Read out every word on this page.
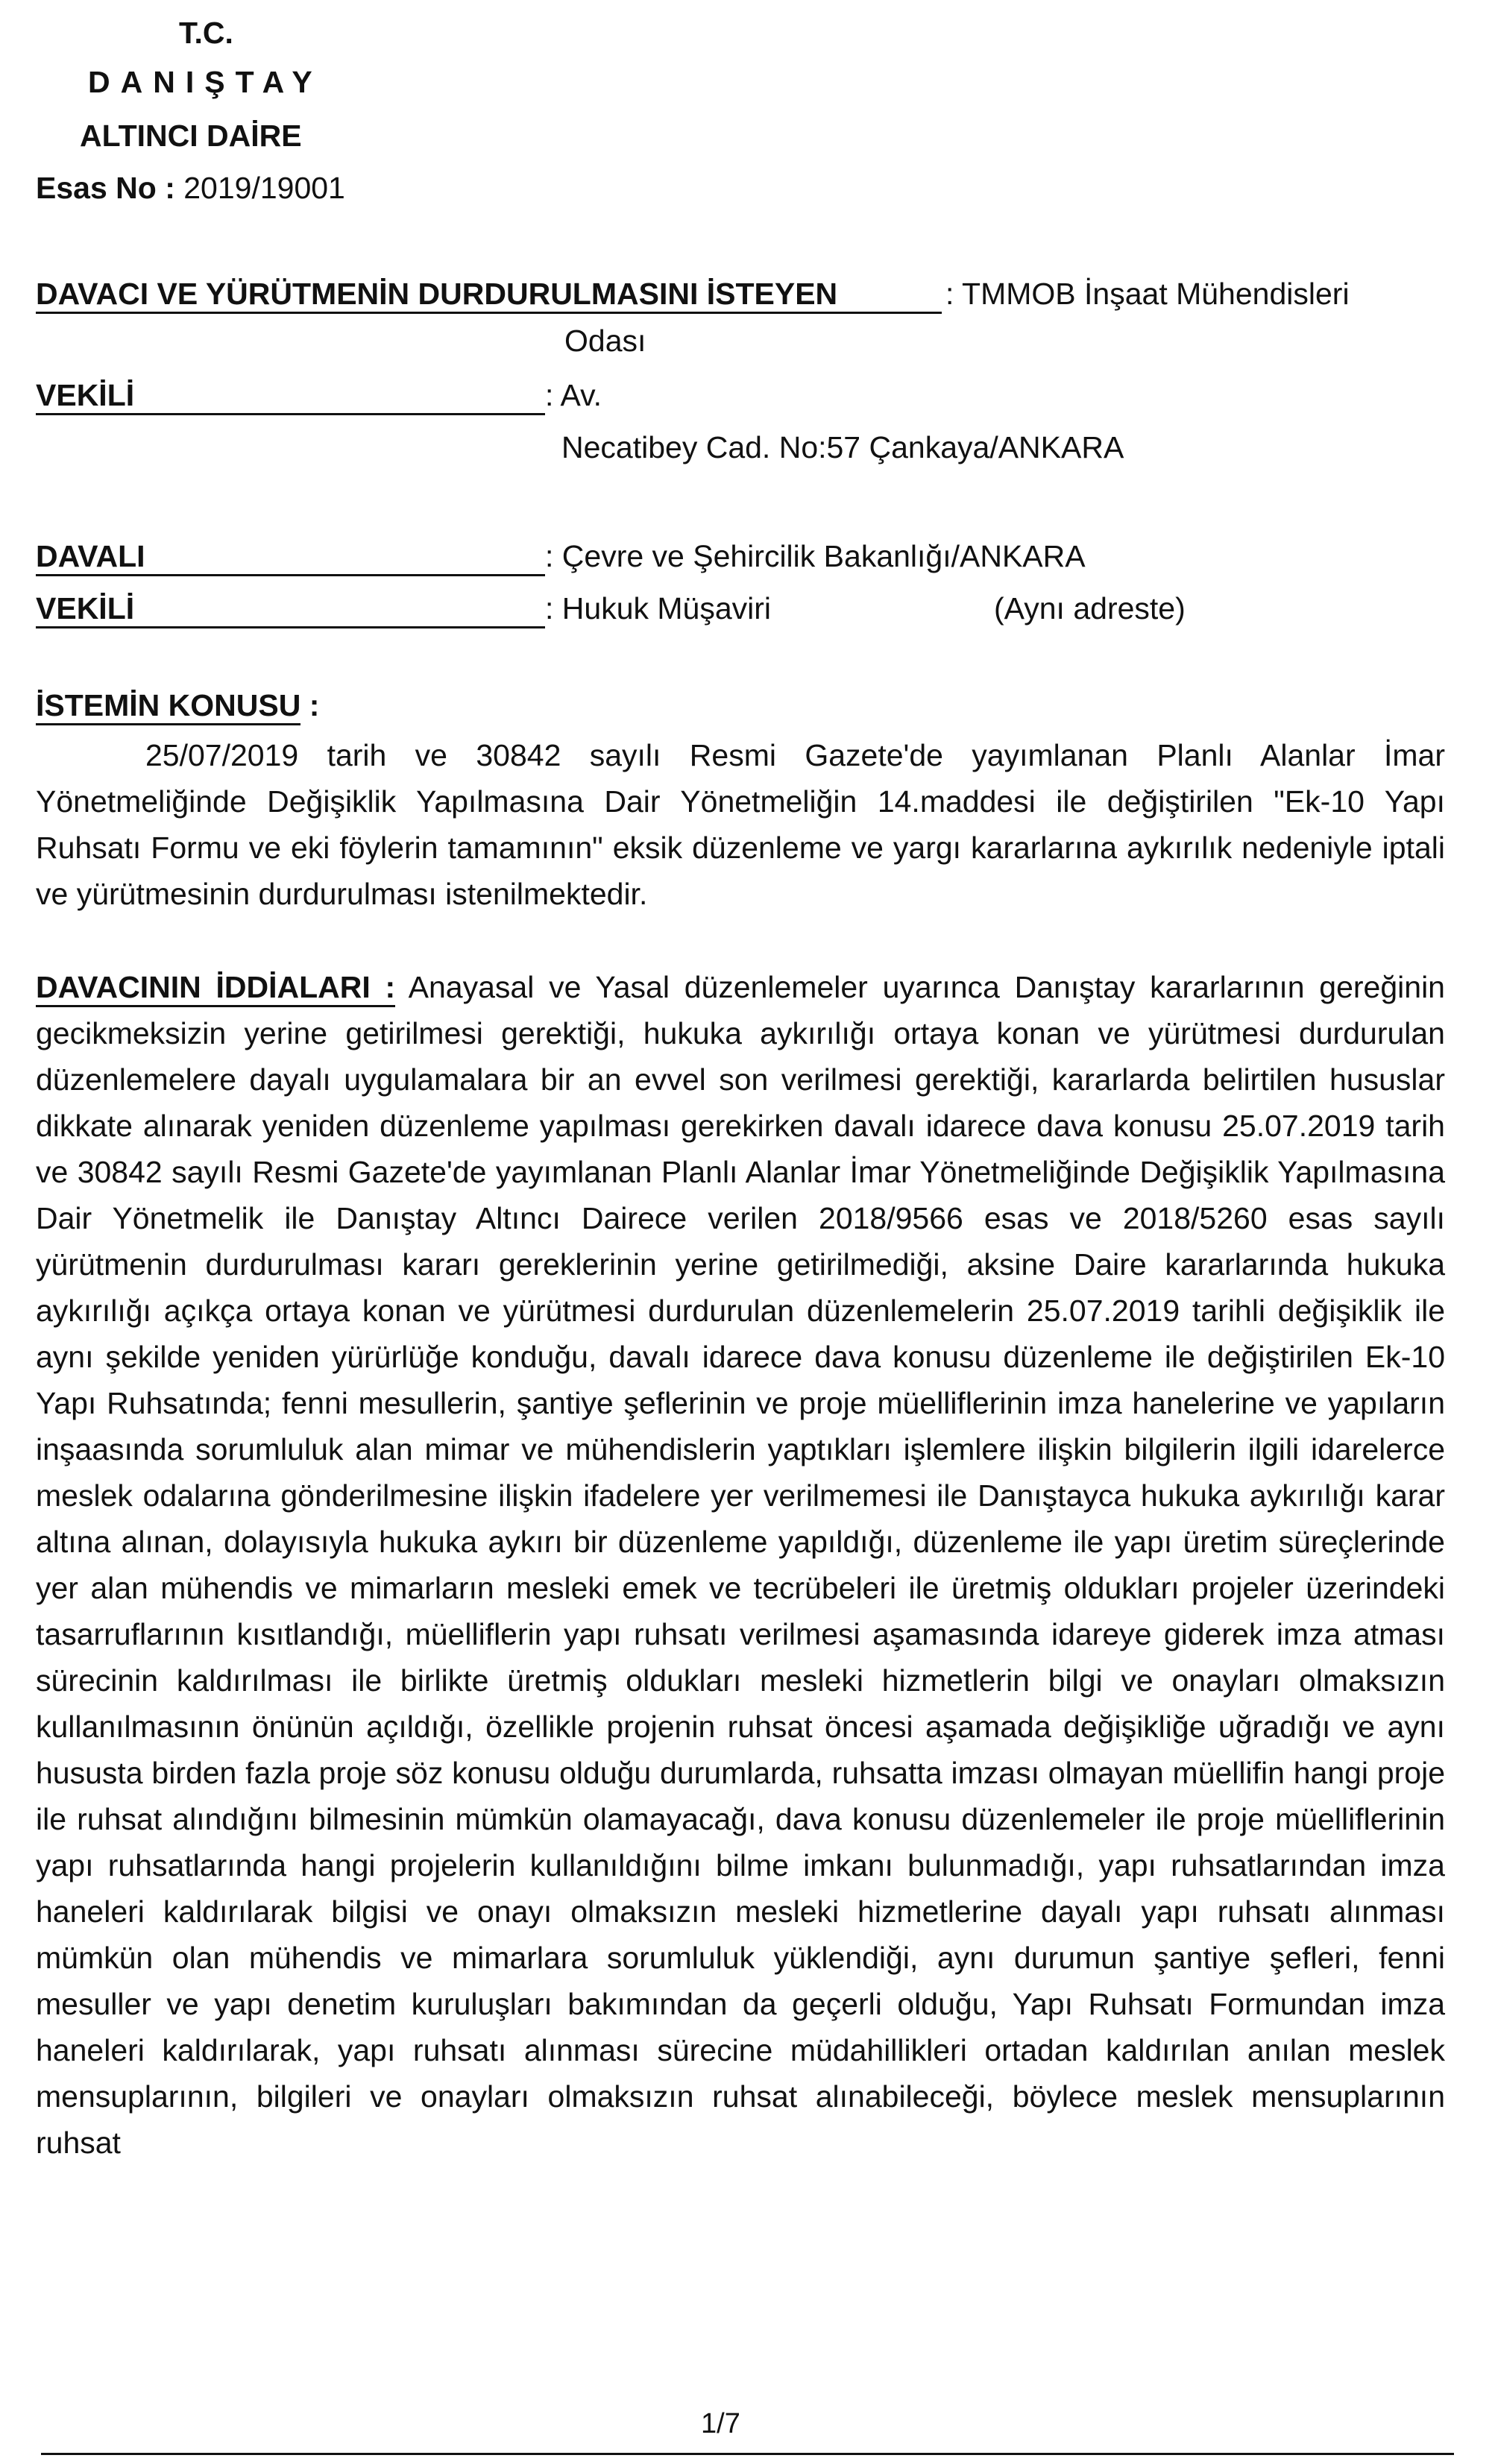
T.C.
DANIŞTAY
ALTINCI DAİRE
Esas No : 2019/19001
DAVACI VE YÜRÜTMENİN DURDURULMASINI İSTEYEN	: TMMOB İnşaat Mühendisleri
Odası
VEKİLİ	: Av.
Necatibey Cad. No:57 Çankaya/ANKARA
DAVALI	: Çevre ve Şehircilik Bakanlığı/ANKARA
VEKİLİ	: Hukuk Müşaviri	(Aynı adreste)
İSTEMİN KONUSU :

25/07/2019 tarih ve 30842 sayılı Resmi Gazete'de yayımlanan Planlı Alanlar İmar Yönetmeliğinde Değişiklik Yapılmasına Dair Yönetmeliğin 14.maddesi ile değiştirilen "Ek-10 Yapı Ruhsatı Formu ve eki föylerin tamamının" eksik düzenleme ve yargı kararlarına aykırılık nedeniyle iptali ve yürütmesinin durdurulması istenilmektedir.

DAVACININ İDDİALARI : Anayasal ve Yasal düzenlemeler uyarınca Danıştay kararlarının gereğinin gecikmeksizin yerine getirilmesi gerektiği, hukuka aykırılığı ortaya konan ve yürütmesi durdurulan düzenlemelere dayalı uygulamalara bir an evvel son verilmesi gerektiği, kararlarda belirtilen hususlar dikkate alınarak yeniden düzenleme yapılması gerekirken davalı idarece dava konusu 25.07.2019 tarih ve 30842 sayılı Resmi Gazete'de yayımlanan Planlı Alanlar İmar Yönetmeliğinde Değişiklik Yapılmasına Dair Yönetmelik ile Danıştay Altıncı Dairece verilen 2018/9566 esas ve 2018/5260 esas sayılı yürütmenin durdurulması kararı gereklerinin yerine getirilmediği, aksine Daire kararlarında hukuka aykırılığı açıkça ortaya konan ve yürütmesi durdurulan düzenlemelerin 25.07.2019 tarihli değişiklik ile aynı şekilde yeniden yürürlüğe konduğu, davalı idarece dava konusu düzenleme ile değiştirilen Ek-10 Yapı Ruhsatında; fenni mesullerin, şantiye şeflerinin ve proje müelliflerinin imza hanelerine ve yapıların inşaasında sorumluluk alan mimar ve mühendislerin yaptıkları işlemlere ilişkin bilgilerin ilgili idarelerce meslek odalarına gönderilmesine ilişkin ifadelere yer verilmemesi ile Danıştayca hukuka aykırılığı karar altına alınan, dolayısıyla hukuka aykırı bir düzenleme yapıldığı, düzenleme ile yapı üretim süreçlerinde yer alan mühendis ve mimarların mesleki emek ve tecrübeleri ile üretmiş oldukları projeler üzerindeki tasarruflarının kısıtlandığı, müelliflerin yapı ruhsatı verilmesi aşamasında idareye giderek imza atması sürecinin kaldırılması ile birlikte üretmiş oldukları mesleki hizmetlerin bilgi ve onayları olmaksızın kullanılmasının önünün açıldığı, özellikle projenin ruhsat öncesi aşamada değişikliğe uğradığı ve aynı hususta birden fazla proje söz konusu olduğu durumlarda, ruhsatta imzası olmayan müellifin hangi proje ile ruhsat alındığını bilmesinin mümkün olamayacağı, dava konusu düzenlemeler ile proje müelliflerinin yapı ruhsatlarında hangi projelerin kullanıldığını bilme imkanı bulunmadığı, yapı ruhsatlarından imza haneleri kaldırılarak bilgisi ve onayı olmaksızın mesleki hizmetlerine dayalı yapı ruhsatı alınması mümkün olan mühendis ve mimarlara sorumluluk yüklendiği, aynı durumun şantiye şefleri, fenni mesuller ve yapı denetim kuruluşları bakımından da geçerli olduğu, Yapı Ruhsatı Formundan imza haneleri kaldırılarak, yapı ruhsatı alınması sürecine müdahillikleri ortadan kaldırılan anılan meslek mensuplarının, bilgileri ve onayları olmaksızın ruhsat alınabileceği, böylece meslek mensuplarının ruhsat

1/7
